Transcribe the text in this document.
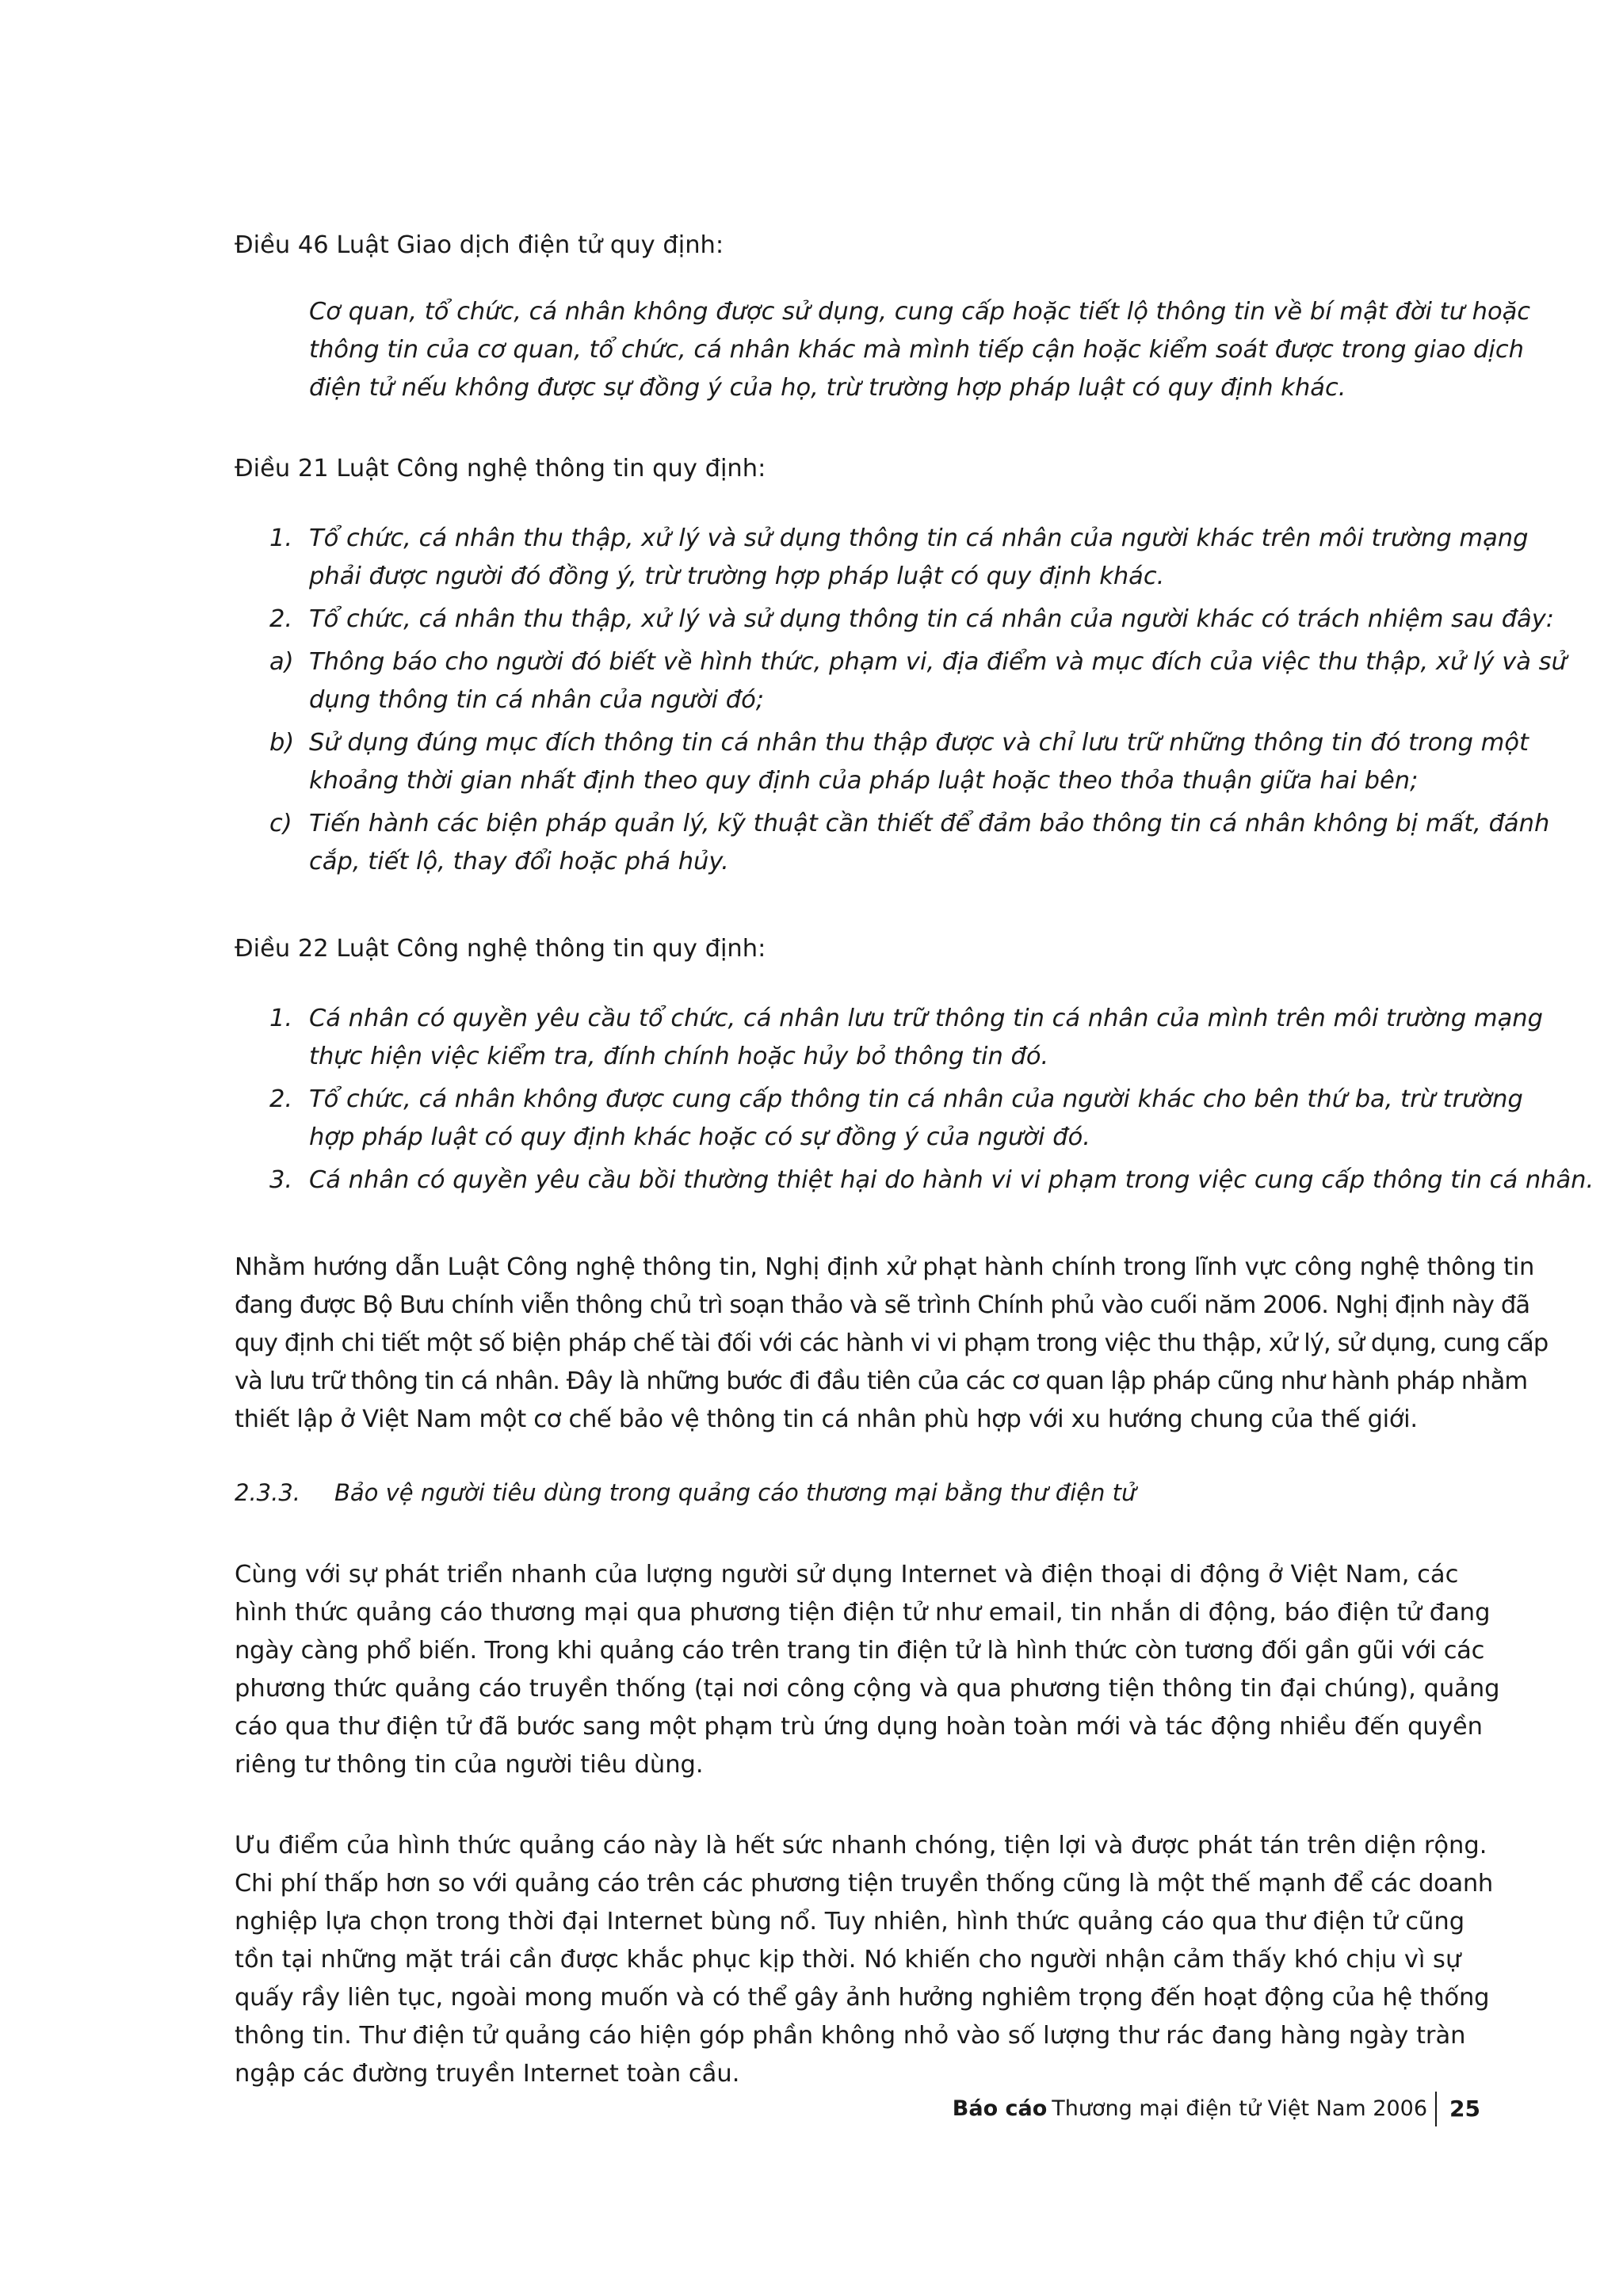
Điều 46 Luật Giao dịch điện tử quy định:
Cơ quan, tổ chức, cá nhân không được sử dụng, cung cấp hoặc tiết lộ thông tin về bí mật đời tư hoặc
thông tin của cơ quan, tổ chức, cá nhân khác mà mình tiếp cận hoặc kiểm soát được trong giao dịch
điện tử nếu không được sự đồng ý của họ, trừ trường hợp pháp luật có quy định khác.
Điều 21 Luật Công nghệ thông tin quy định:
1. Tổ chức, cá nhân thu thập, xử lý và sử dụng thông tin cá nhân của người khác trên môi trường mạng
phải được người đó đồng ý, trừ trường hợp pháp luật có quy định khác.
2. Tổ chức, cá nhân thu thập, xử lý và sử dụng thông tin cá nhân của người khác có trách nhiệm sau đây:
a) Thông báo cho người đó biết về hình thức, phạm vi, địa điểm và mục đích của việc thu thập, xử lý và sử
dụng thông tin cá nhân của người đó;
b) Sử dụng đúng mục đích thông tin cá nhân thu thập được và chỉ lưu trữ những thông tin đó trong một
khoảng thời gian nhất định theo quy định của pháp luật hoặc theo thỏa thuận giữa hai bên;
c) Tiến hành các biện pháp quản lý, kỹ thuật cần thiết để đảm bảo thông tin cá nhân không bị mất, đánh
cắp, tiết lộ, thay đổi hoặc phá hủy.
Điều 22 Luật Công nghệ thông tin quy định:
1. Cá nhân có quyền yêu cầu tổ chức, cá nhân lưu trữ thông tin cá nhân của mình trên môi trường mạng
thực hiện việc kiểm tra, đính chính hoặc hủy bỏ thông tin đó.
2. Tổ chức, cá nhân không được cung cấp thông tin cá nhân của người khác cho bên thứ ba, trừ trường
hợp pháp luật có quy định khác hoặc có sự đồng ý của người đó.
3. Cá nhân có quyền yêu cầu bồi thường thiệt hại do hành vi vi phạm trong việc cung cấp thông tin cá nhân.
Nhằm hướng dẫn Luật Công nghệ thông tin, Nghị định xử phạt hành chính trong lĩnh vực công nghệ thông tin
đang được Bộ Bưu chính viễn thông chủ trì soạn thảo và sẽ trình Chính phủ vào cuối năm 2006. Nghị định này đã
quy định chi tiết một số biện pháp chế tài đối với các hành vi vi phạm trong việc thu thập, xử lý, sử dụng, cung cấp
và lưu trữ thông tin cá nhân. Đây là những bước đi đầu tiên của các cơ quan lập pháp cũng như hành pháp nhằm
thiết lập ở Việt Nam một cơ chế bảo vệ thông tin cá nhân phù hợp với xu hướng chung của thế giới.
2.3.3. Bảo vệ người tiêu dùng trong quảng cáo thương mại bằng thư điện tử
Cùng với sự phát triển nhanh của lượng người sử dụng Internet và điện thoại di động ở Việt Nam, các
hình thức quảng cáo thương mại qua phương tiện điện tử như email, tin nhắn di động, báo điện tử đang
ngày càng phổ biến. Trong khi quảng cáo trên trang tin điện tử là hình thức còn tương đối gần gũi với các
phương thức quảng cáo truyền thống (tại nơi công cộng và qua phương tiện thông tin đại chúng), quảng
cáo qua thư điện tử đã bước sang một phạm trù ứng dụng hoàn toàn mới và tác động nhiều đến quyền
riêng tư thông tin của người tiêu dùng.
Ưu điểm của hình thức quảng cáo này là hết sức nhanh chóng, tiện lợi và được phát tán trên diện rộng.
Chi phí thấp hơn so với quảng cáo trên các phương tiện truyền thống cũng là một thế mạnh để các doanh
nghiệp lựa chọn trong thời đại Internet bùng nổ. Tuy nhiên, hình thức quảng cáo qua thư điện tử cũng
tồn tại những mặt trái cần được khắc phục kịp thời. Nó khiến cho người nhận cảm thấy khó chịu vì sự
quấy rầy liên tục, ngoài mong muốn và có thể gây ảnh hưởng nghiêm trọng đến hoạt động của hệ thống
thông tin. Thư điện tử quảng cáo hiện góp phần không nhỏ vào số lượng thư rác đang hàng ngày tràn
ngập các đường truyền Internet toàn cầu.
Báo cáo Thương mại điện tử Việt Nam 2006 25
